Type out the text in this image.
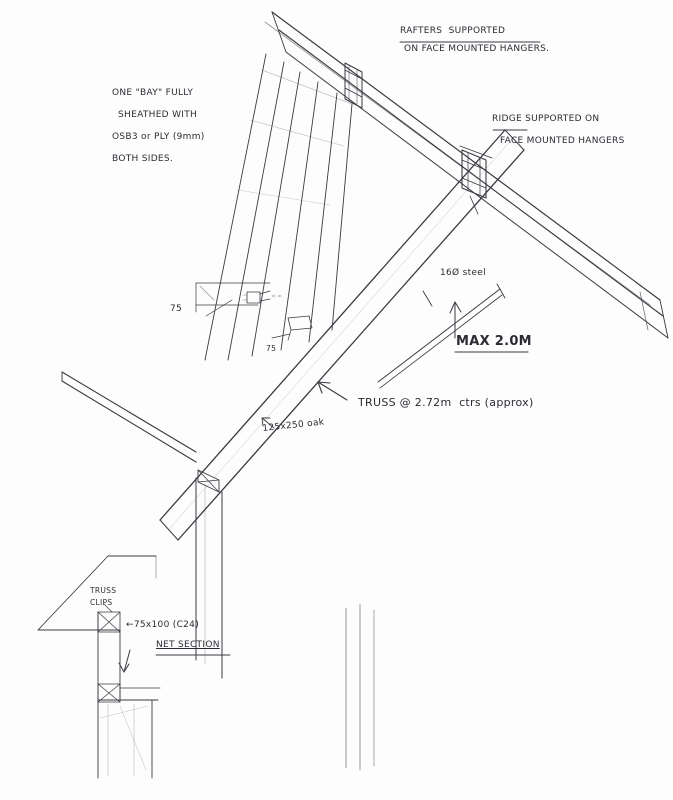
RAFTERS  SUPPORTED
ON FACE MOUNTED HANGERS.
ONE "BAY" FULLY
SHEATHED WITH
OSB3 or PLY (9mm)
BOTH SIDES.
RIDGE SUPPORTED ON
FACE MOUNTED HANGERS
16Ø steel
MAX 2.0M
TRUSS @ 2.72m  ctrs (approx)
125x250 oak
75
75
TRUSS
CLIPS
←75x100 (C24)
NET SECTION
